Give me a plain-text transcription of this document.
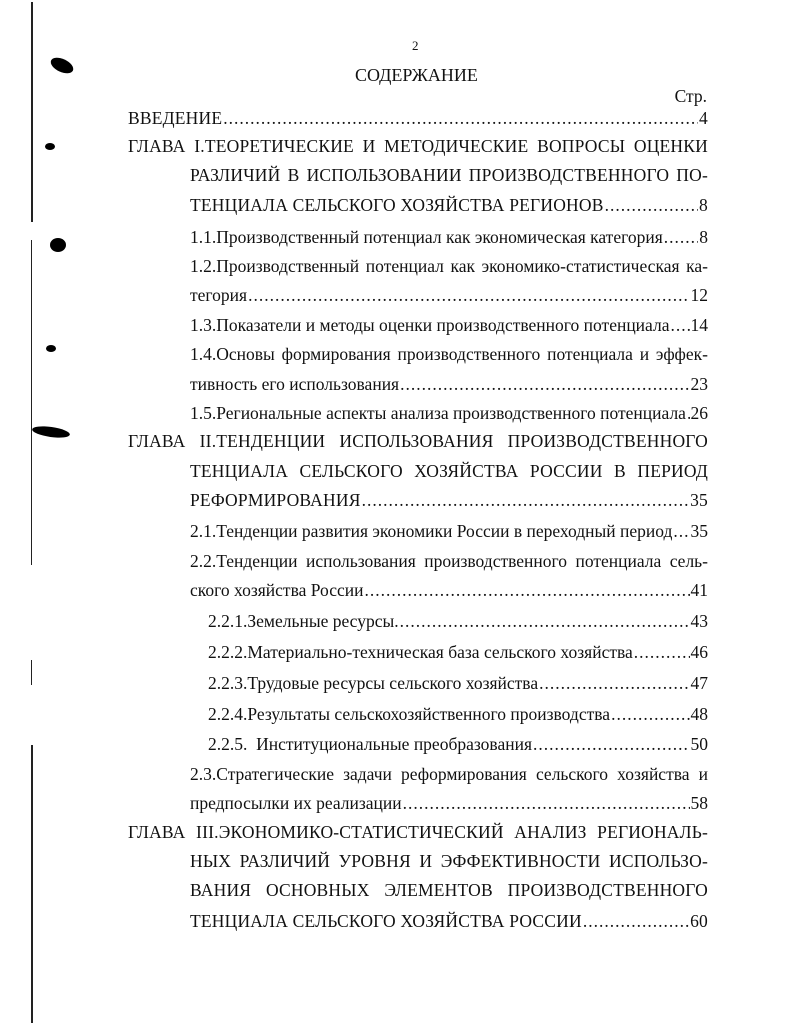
2
СОДЕРЖАНИЕ
Стр.
ВВЕДЕНИЕ .....	4
ГЛАВА I.ТЕОРЕТИЧЕСКИЕ И МЕТОДИЧЕСКИЕ ВОПРОСЫ ОЦЕНКИ
РАЗЛИЧИЙ В ИСПОЛЬЗОВАНИИ ПРОИЗВОДСТВЕННОГО ПО-
ТЕНЦИАЛА СЕЛЬСКОГО ХОЗЯЙСТВА РЕГИОНОВ .....	8
1.1.Производственный потенциал как экономическая категория ..... 8
1.2.Производственный потенциал как экономико-статистическая ка-
тегория .....	12
1.3.Показатели и методы оценки производственного потенциала ..... 14
1.4.Основы формирования производственного потенциала и эффек-
тивность его использования .....	23
1.5.Региональные аспекты анализа производственного потенциала ..... 26
ГЛАВА II.ТЕНДЕНЦИИ ИСПОЛЬЗОВАНИЯ ПРОИЗВОДСТВЕННОГО
ТЕНЦИАЛА СЕЛЬСКОГО ХОЗЯЙСТВА РОССИИ В ПЕРИОД
РЕФОРМИРОВАНИЯ .....	35
2.1.Тенденции развития экономики России в переходный период ..... 35
2.2.Тенденции использования производственного потенциала сель-
ского хозяйства России .....	41
2.2.1.Земельные ресурсы. .....	43
2.2.2.Материально-техническая база сельского хозяйства .....	46
2.2.3.Трудовые ресурсы сельского хозяйства .....	47
2.2.4.Результаты сельскохозяйственного производства .....	48
2.2.5.  Институциональные преобразования .....	50
2.3.Стратегические задачи реформирования сельского хозяйства и
предпосылки их реализации .....	58
ГЛАВА III.ЭКОНОМИКО-СТАТИСТИЧЕСКИЙ АНАЛИЗ РЕГИОНАЛЬ-
НЫХ РАЗЛИЧИЙ УРОВНЯ И ЭФФЕКТИВНОСТИ ИСПОЛЬЗО-
ВАНИЯ ОСНОВНЫХ ЭЛЕМЕНТОВ ПРОИЗВОДСТВЕННОГО
ТЕНЦИАЛА СЕЛЬСКОГО ХОЗЯЙСТВА РОССИИ .....	60
